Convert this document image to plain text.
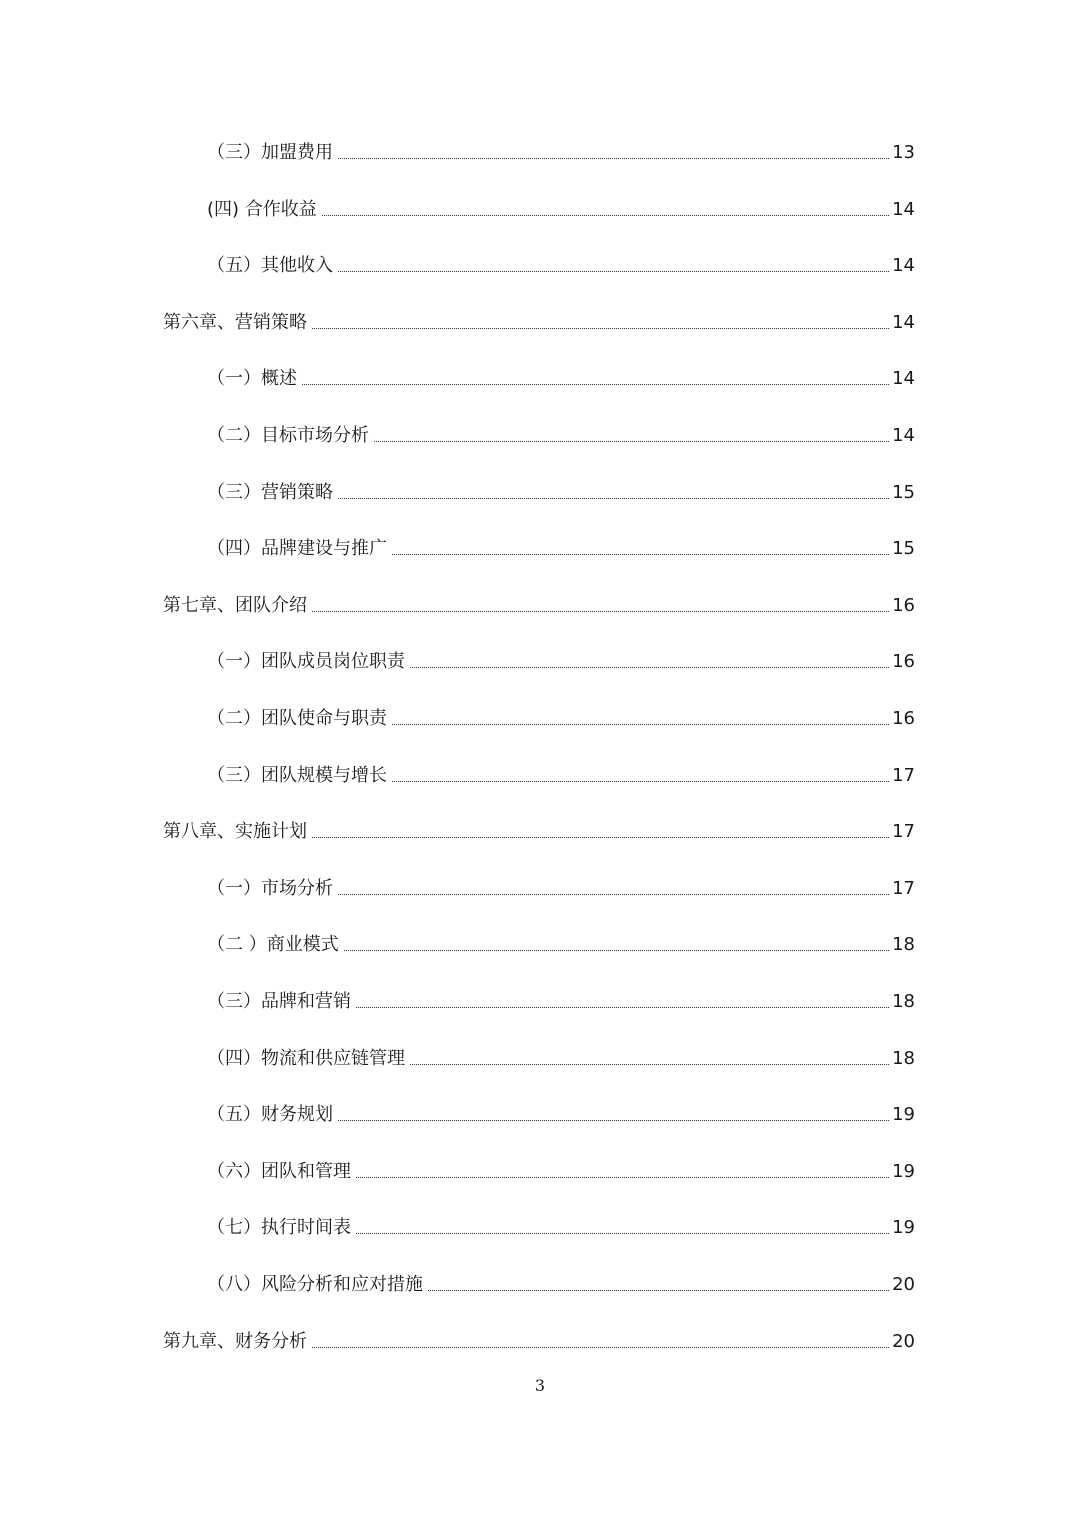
（三）加盟费用	13
(四) 合作收益	14
（五）其他收入	14
第六章、营销策略	14
（一）概述	14
（二）目标市场分析	14
（三）营销策略	15
（四）品牌建设与推广	15
第七章、团队介绍	16
（一）团队成员岗位职责	16
（二）团队使命与职责	16
（三）团队规模与增长	17
第八章、实施计划	17
（一）市场分析	17
（二 ）商业模式	18
（三）品牌和营销	18
（四）物流和供应链管理	18
（五）财务规划	19
（六）团队和管理	19
（七）执行时间表	19
（八）风险分析和应对措施	20
第九章、财务分析	20
3
